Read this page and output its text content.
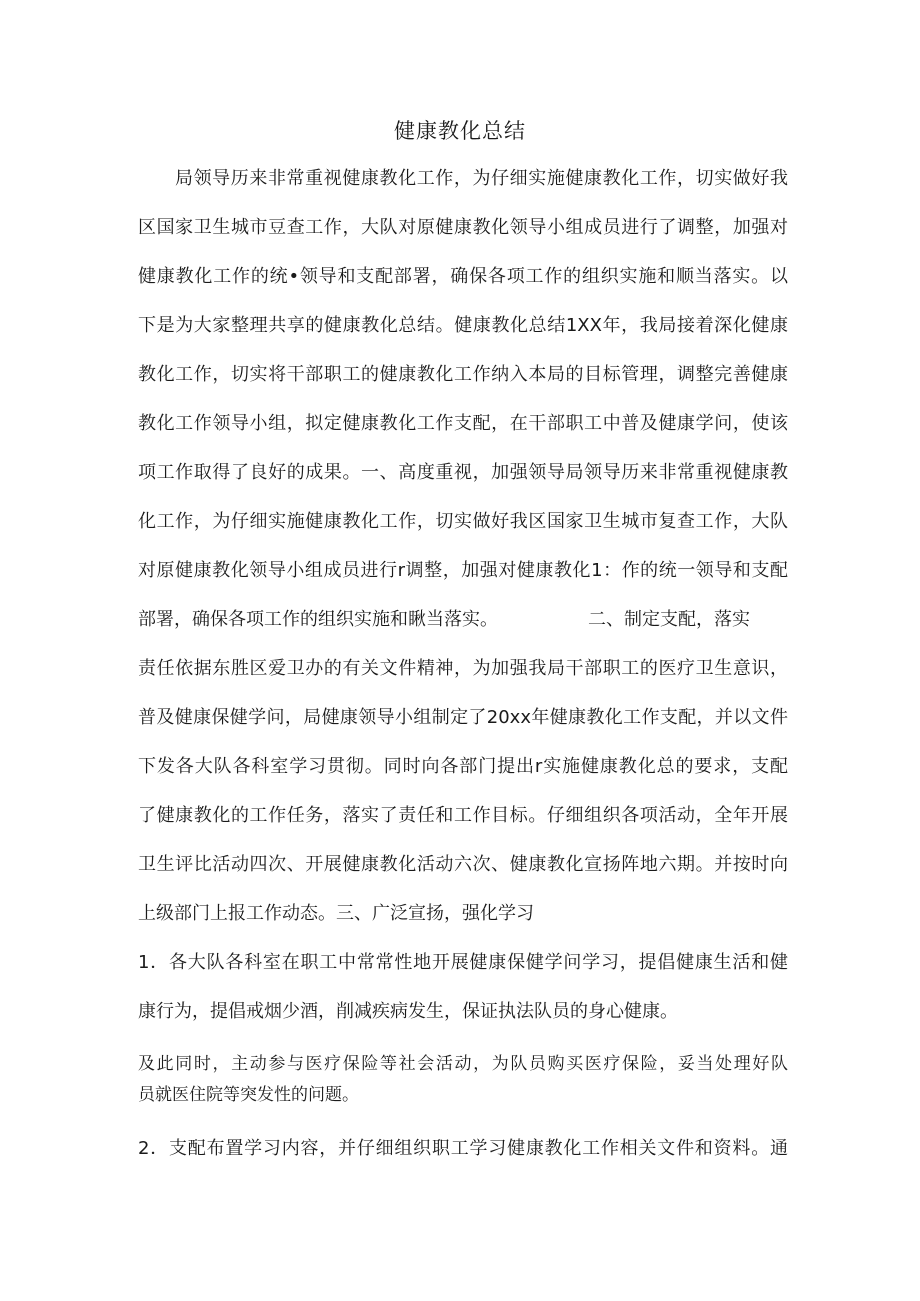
健康教化总结
局领导历来非常重视健康教化工作，为仔细实施健康教化工作，切实做好我
区国家卫生城市豆查工作，大队对原健康教化领导小组成员进行了调整，加强对
健康教化工作的统•领导和支配部署，确保各项工作的组织实施和顺当落实。以
下是为大家整理共享的健康教化总结。健康教化总结1XX年，我局接着深化健康
教化工作，切实将干部职工的健康教化工作纳入本局的目标管理，调整完善健康
教化工作领导小组，拟定健康教化工作支配，在干部职工中普及健康学问，使该
项工作取得了良好的成果。一、高度重视，加强领导局领导历来非常重视健康教
化工作，为仔细实施健康教化工作，切实做好我区国家卫生城市复查工作，大队
对原健康教化领导小组成员进行r调整，加强对健康教化1：作的统一领导和支配
部署，确保各项工作的组织实施和瞅当落实。	二、制定支配，落实
责任依据东胜区爱卫办的有关文件精神，为加强我局干部职工的医疗卫生意识，
普及健康保健学问，局健康领导小组制定了20xx年健康教化工作支配，并以文件
下发各大队各科室学习贯彻。同时向各部门提出r实施健康教化总的要求，支配
了健康教化的工作任务，落实了责任和工作目标。仔细组织各项活动，全年开展
卫生评比活动四次、开展健康教化活动六次、健康教化宣扬阵地六期。并按时向
上级部门上报工作动态。三、广泛宣扬，强化学习
1．各大队各科室在职工中常常性地开展健康保健学问学习，提倡健康生活和健
康行为，提倡戒烟少酒，削减疾病发生，保证执法队员的身心健康。
及此同时，主动参与医疗保险等社会活动，为队员购买医疗保险，妥当处理好队
员就医住院等突发性的问题。
2．支配布置学习内容，并仔细组织职工学习健康教化工作相关文件和资料。通
